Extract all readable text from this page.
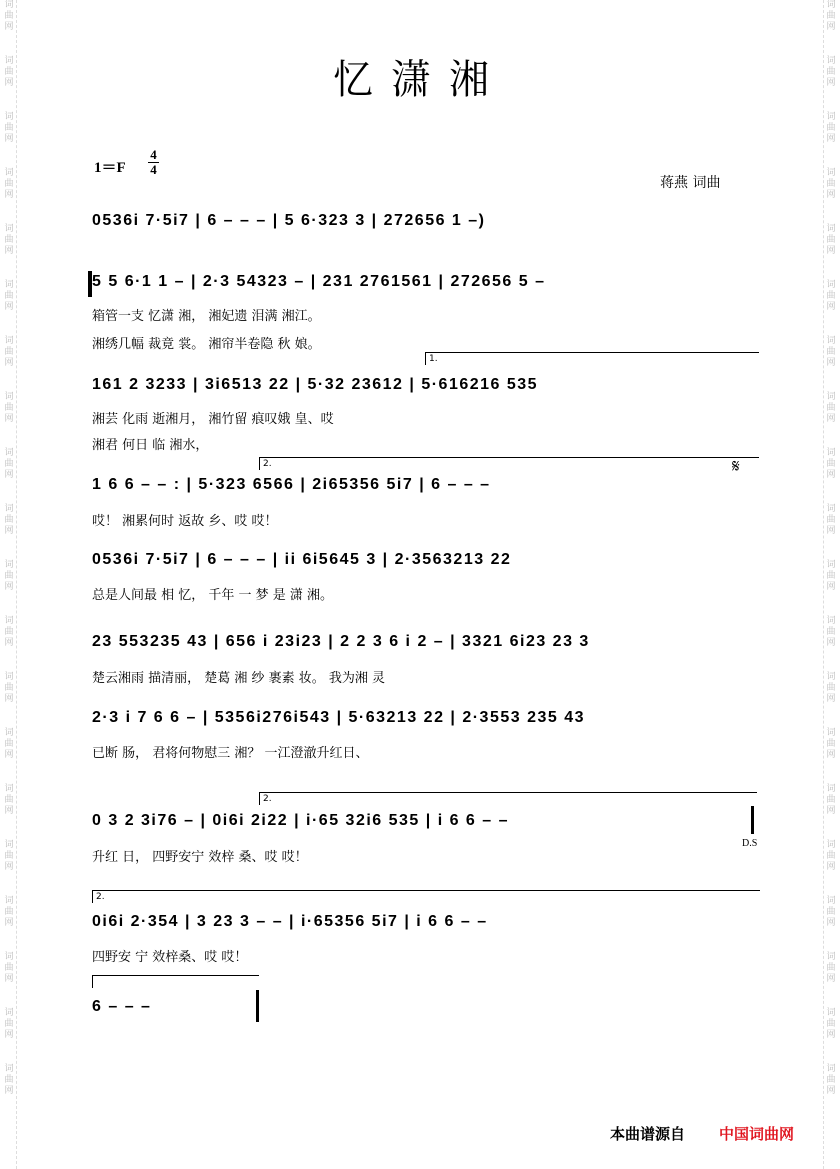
词
曲
网
词
曲
网
词
曲
网
词
曲
网
词
曲
网
词
曲
网
词
曲
网
词
曲
网
词
曲
网
词
曲
网
词
曲
网
词
曲
网
词
曲
网
词
曲
网
词
曲
网
词
曲
网
词
曲
网
词
曲
网
词
曲
网
词
曲
网
词
曲
网
词
曲
网
词
曲
网
词
曲
网
词
曲
网
词
曲
网
词
曲
网
词
曲
网
词
曲
网
词
曲
网
词
曲
网
词
曲
网
词
曲
网
词
曲
网
词
曲
网
词
曲
网
词
曲
网
词
曲
网
词
曲
网
词
曲
网
忆潇湘
1＝F
4
4
蒋燕 词曲
0536i 7·5i7 | 6 – – – | 5 6·323 3 | 272656 1 –)
5 5 6·1 1 – | 2·3 54323 – | 231 2761561 | 272656 5 –
箱管一支 忆潇 湘， 湘妃遗 泪满 湘江。
湘绣几幅 裁竟 裳。 湘帘半卷隐 秋 娘。
1.
161 2 3233 | 3i6513 22 | 5·32 23612 | 5·616216 535
湘芸 化雨 逝湘月， 湘竹留 痕叹娥 皇、哎
湘君 何日 临 湘水，
2.	𝄋
1 6 6 – – : | 5·323 6566 | 2i65356 5i7 | 6 – – –
哎！ 湘累何时 返故 乡、哎 哎！
0536i 7·5i7 | 6 – – – | ii 6i5645 3 | 2·3563213 22
总是人间最 相 忆， 千年 一 梦 是 潇 湘。
23 553235 43 | 656 i 23i23 | 2 2 3 6 i 2 – | 3321 6i23 23 3
楚云湘雨 描清丽， 楚葛 湘 纱 裹素 妆。 我为湘 灵
2·3 i 7 6 6 – | 5356i276i543 | 5·63213 22 | 2·3553 235 43
已断 肠， 君将何物慰三 湘？ 一江澄澈升红日、
2.
0 3 2 3i76 – | 0i6i 2i22 | i·65 32i6 535 | i 6 6 – –
升红 日， 四野安宁 效梓 桑、哎 哎！
D.S
2.
0i6i 2·354 | 3 23 3 – – | i·65356 5i7 | i 6 6 – –
四野安 宁 效梓桑、哎 哎！
6 – – –
本曲谱源自 中国词曲网
